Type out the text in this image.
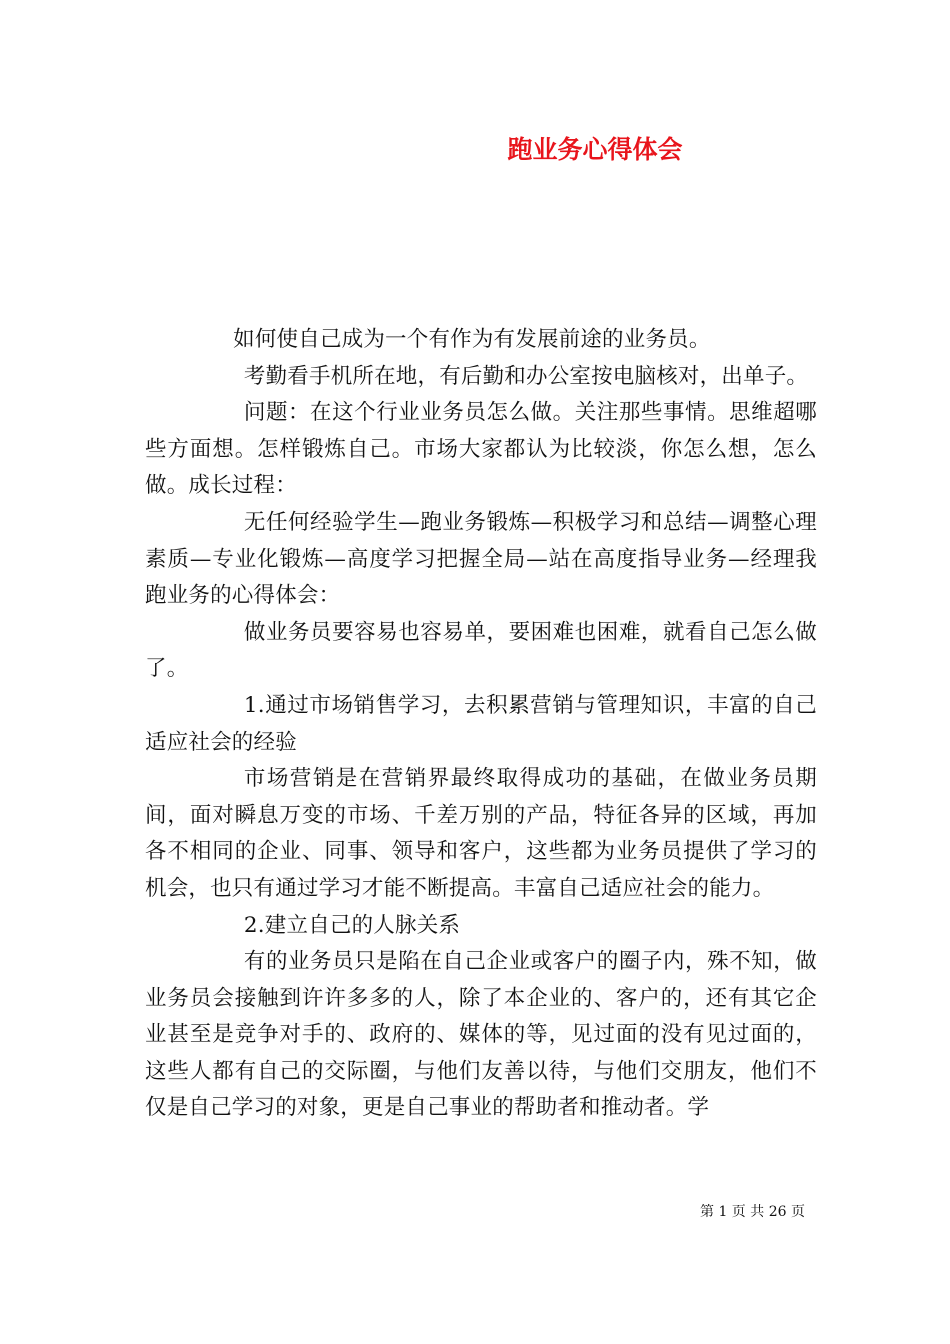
跑业务心得体会

如何使自己成为一个有作为有发展前途的业务员。

考勤看手机所在地，有后勤和办公室按电脑核对，出单子。

问题：在这个行业业务员怎么做。关注那些事情。思维超哪些方面想。怎样锻炼自己。市场大家都认为比较淡，你怎么想，怎么做。成长过程：

无任何经验学生—跑业务锻炼—积极学习和总结—调整心理素质—专业化锻炼—高度学习把握全局—站在高度指导业务—经理我跑业务的心得体会：

做业务员要容易也容易单，要困难也困难，就看自己怎么做了。

1.通过市场销售学习，去积累营销与管理知识，丰富的自己适应社会的经验

市场营销是在营销界最终取得成功的基础，在做业务员期间，面对瞬息万变的市场、千差万别的产品，特征各异的区域，再加各不相同的企业、同事、领导和客户，这些都为业务员提供了学习的机会，也只有通过学习才能不断提高。丰富自己适应社会的能力。

2.建立自己的人脉关系

有的业务员只是陷在自己企业或客户的圈子内，殊不知，做业务员会接触到许许多多的人，除了本企业的、客户的，还有其它企业甚至是竞争对手的、政府的、媒体的等，见过面的没有见过面的，这些人都有自己的交际圈，与他们友善以待，与他们交朋友，他们不仅是自己学习的对象，更是自己事业的帮助者和推动者。学

第 1 页 共 26 页
